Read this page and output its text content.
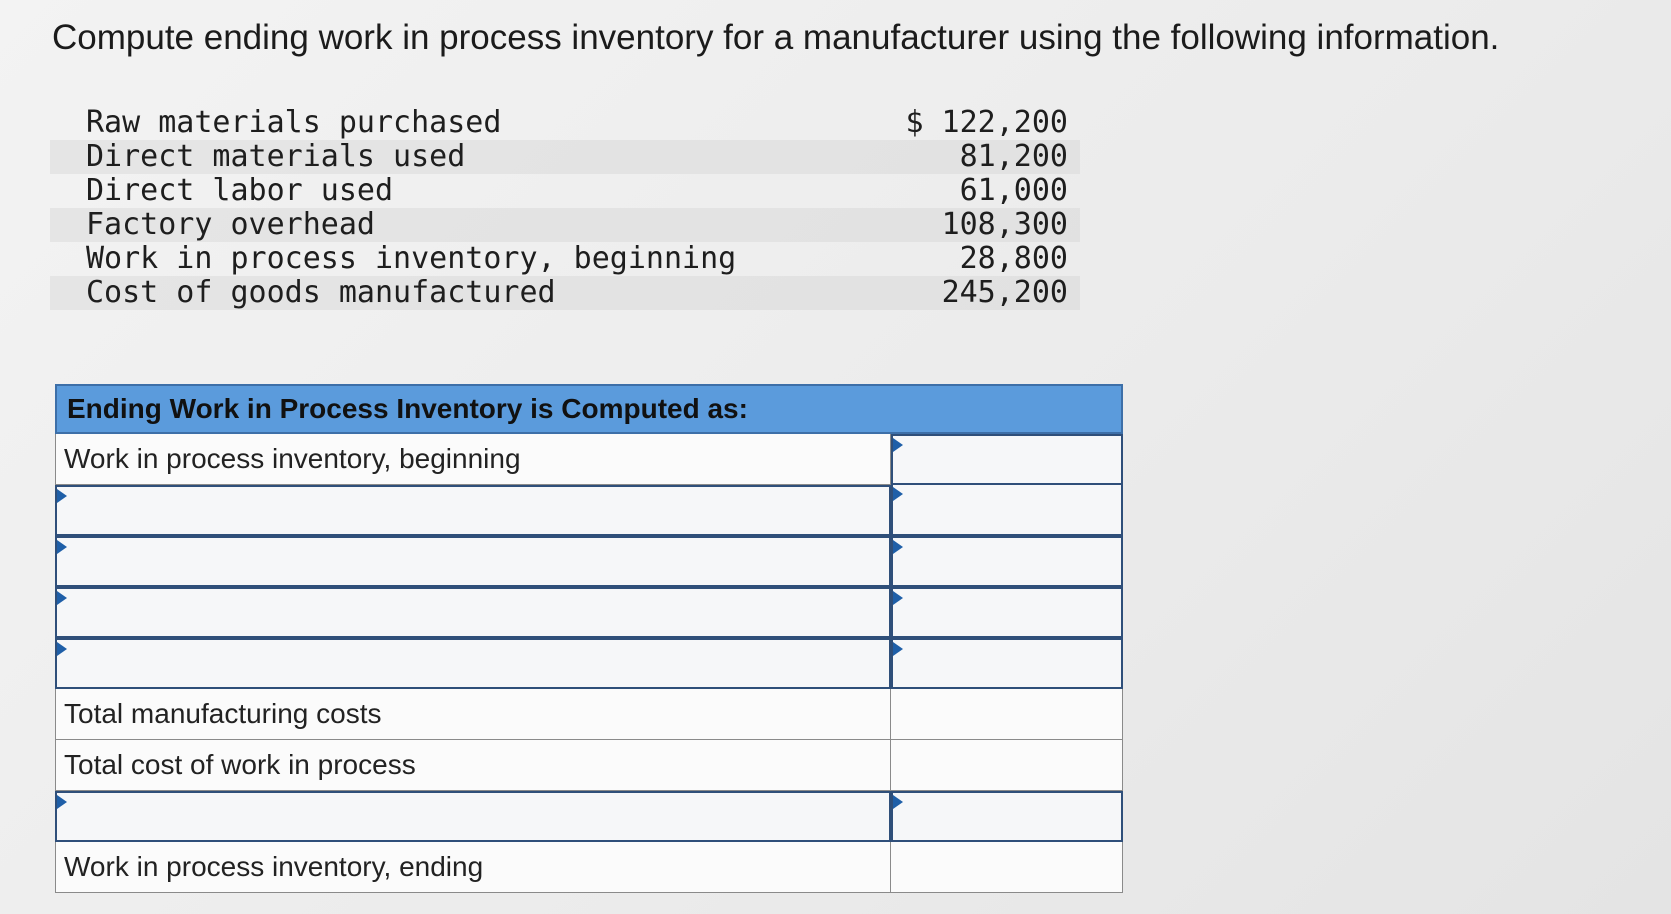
Compute ending work in process inventory for a manufacturer using the following information.
Raw materials purchased	$ 122,200
Direct materials used	81,200
Direct labor used	61,000
Factory overhead	108,300
Work in process inventory, beginning	28,800
Cost of goods manufactured	245,200
Ending Work in Process Inventory is Computed as:
Work in process inventory, beginning
Total manufacturing costs
Total cost of work in process
Work in process inventory, ending
